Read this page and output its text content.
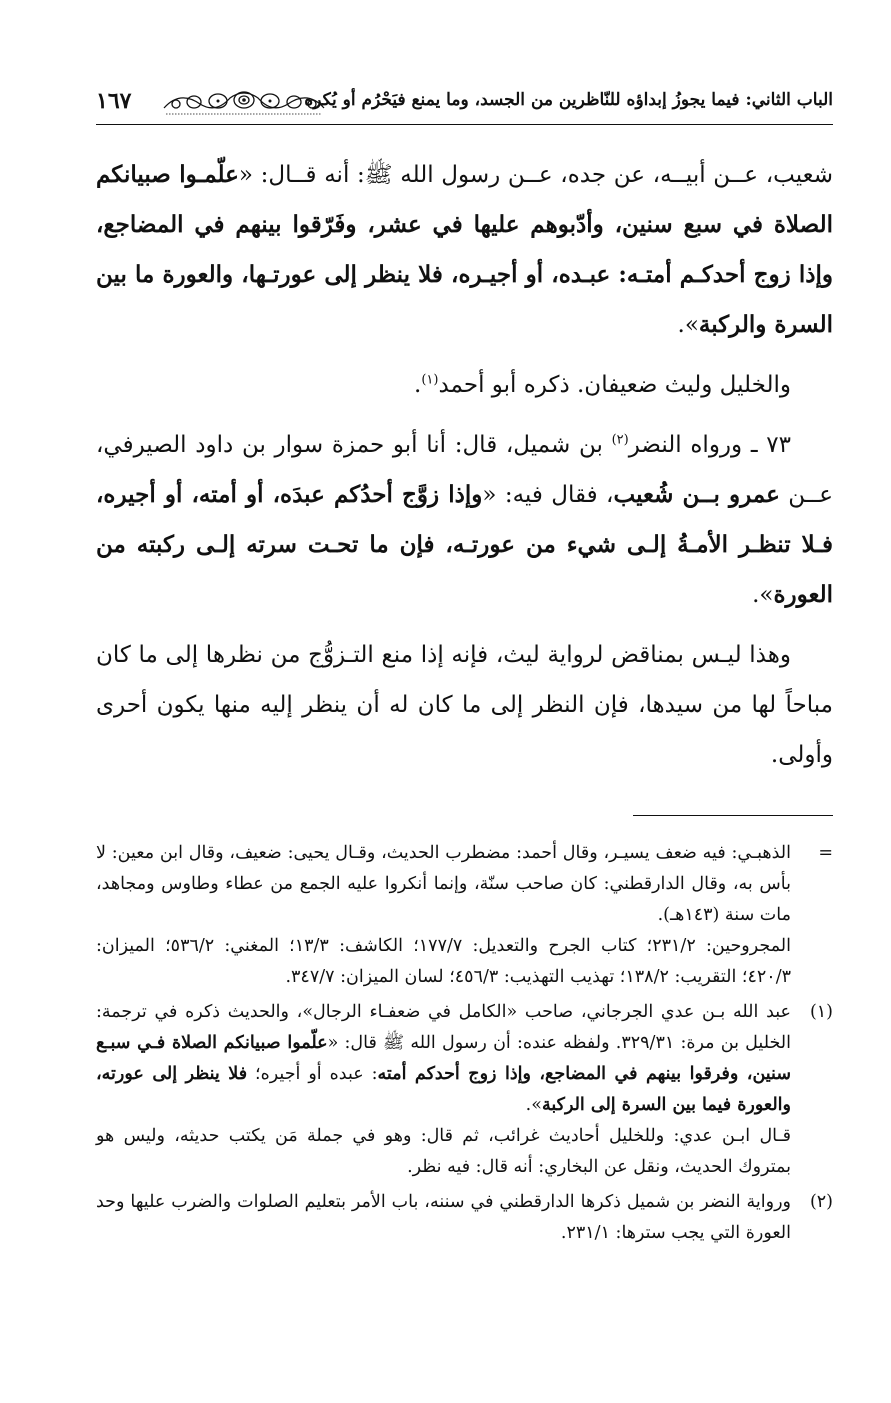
الباب الثاني: فيما يجوزُ إبداؤه للنّاظرين من الجسد، وما يمنع فيَحْرُم أو يُكره
١٦٧

شعيب، عــن أبيــه، عن جده، عــن رسول الله ﷺ: أنه قــال: «علّمـوا صبيانكم الصلاة في سبع سنين، وأدّبوهم عليها في عشر، وفَرّقوا بينهم في المضاجع، وإذا زوج أحدكـم أمتـه: عبـده، أو أجيـره، فلا ينظر إلى عورتـها، والعورة ما بين السرة والركبة».

والخليل وليث ضعيفان. ذكره أبو أحمد$^{(١)}$.

٧٣ ـ ورواه النضر$^{(٢)}$ بن شميل، قال: أنا أبو حمزة سوار بن داود الصيرفي، عــن عمرو بــن شُعيب، فقال فيه: «وإذا زوَّج أحدُكم عبدَه، أو أمته، أو أجيره، فـلا تنظـر الأمـةُ إلـى شيء من عورتـه، فإن ما تحـت سرته إلـى ركبته من العورة».

وهذا ليـس بمناقض لرواية ليث، فإنه إذا منع التـزوُّج من نظرها إلى ما كان مباحاً لها من سيدها، فإن النظر إلى ما كان له أن ينظر إليه منها يكون أحرى وأولى.

=

الذهبـي: فيه ضعف يسيـر، وقال أحمد: مضطرب الحديث، وقـال يحيى: ضعيف، وقال ابن معين: لا بأس به، وقال الدارقطني: كان صاحب سنّة، وإنما أنكروا عليه الجمع من عطاء وطاوس ومجاهد، مات سنة (١٤٣هـ).

المجروحين: ٢٣١/٢؛ كتاب الجرح والتعديل: ١٧٧/٧؛ الكاشف: ١٣/٣؛ المغني: ٥٣٦/٢؛ الميزان: ٤٢٠/٣؛ التقريب: ١٣٨/٢؛ تهذيب التهذيب: ٤٥٦/٣؛ لسان الميزان: ٣٤٧/٧.

(١)

عبد الله بـن عدي الجرجاني، صاحب «الكامل في ضعفـاء الرجال»، والحديث ذكره في ترجمة: الخليل بن مرة: ٣٢٩/٣١. ولفظه عنده: أن رسول الله ﷺ قال: «علّموا صبيانكم الصلاة فـي سبـع سنين، وفرقوا بينهم في المضاجع، وإذا زوج أحدكم أمته: عبده أو أجيره؛ فلا ينظر إلى عورته، والعورة فيما بين السرة إلى الركبة».

قـال ابـن عدي: وللخليل أحاديث غرائب، ثم قال: وهو في جملة مَن يكتب حديثه، وليس هو بمتروك الحديث، ونقل عن البخاري: أنه قال: فيه نظر.

(٢)

ورواية النضر بن شميل ذكرها الدارقطني في سننه، باب الأمر بتعليم الصلوات والضرب عليها وحد العورة التي يجب سترها: ٢٣١/١.
